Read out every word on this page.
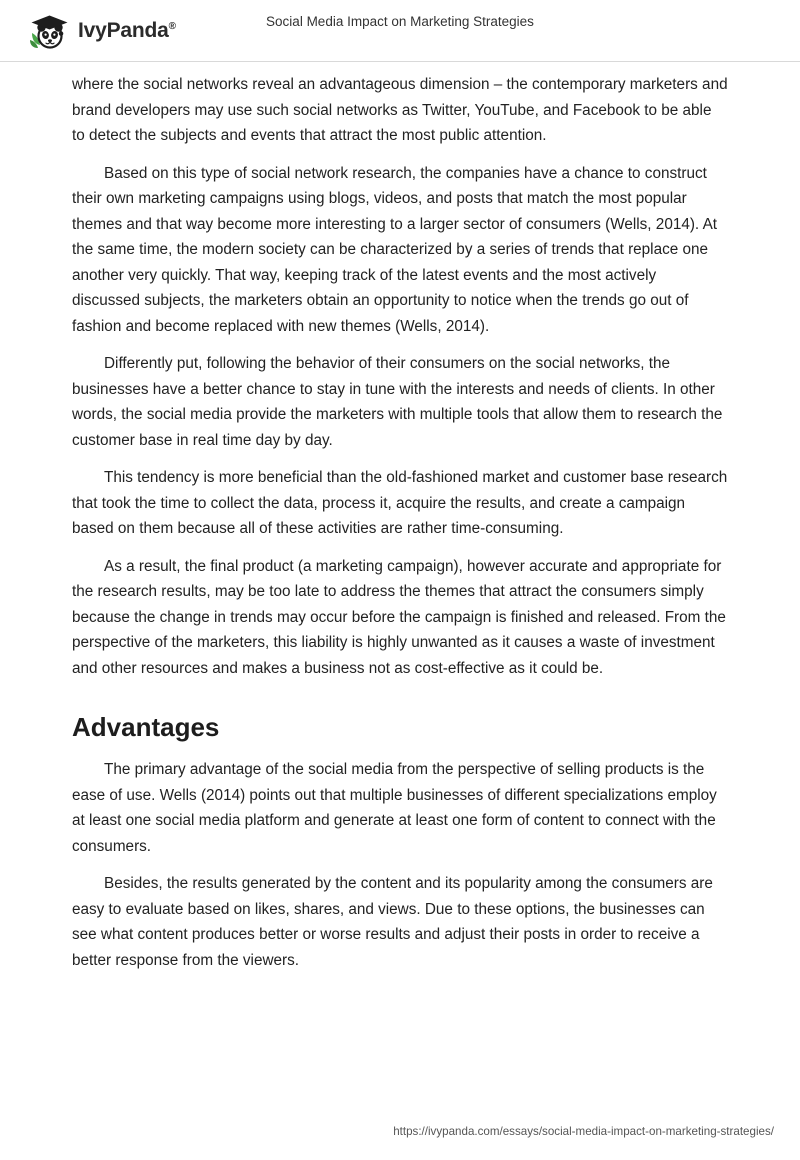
IvyPanda®	Social Media Impact on Marketing Strategies

where the social networks reveal an advantageous dimension – the contemporary marketers and brand developers may use such social networks as Twitter, YouTube, and Facebook to be able to detect the subjects and events that attract the most public attention.

Based on this type of social network research, the companies have a chance to construct their own marketing campaigns using blogs, videos, and posts that match the most popular themes and that way become more interesting to a larger sector of consumers (Wells, 2014). At the same time, the modern society can be characterized by a series of trends that replace one another very quickly. That way, keeping track of the latest events and the most actively discussed subjects, the marketers obtain an opportunity to notice when the trends go out of fashion and become replaced with new themes (Wells, 2014).

Differently put, following the behavior of their consumers on the social networks, the businesses have a better chance to stay in tune with the interests and needs of clients. In other words, the social media provide the marketers with multiple tools that allow them to research the customer base in real time day by day.

This tendency is more beneficial than the old-fashioned market and customer base research that took the time to collect the data, process it, acquire the results, and create a campaign based on them because all of these activities are rather time-consuming.

As a result, the final product (a marketing campaign), however accurate and appropriate for the research results, may be too late to address the themes that attract the consumers simply because the change in trends may occur before the campaign is finished and released. From the perspective of the marketers, this liability is highly unwanted as it causes a waste of investment and other resources and makes a business not as cost-effective as it could be.

Advantages

The primary advantage of the social media from the perspective of selling products is the ease of use. Wells (2014) points out that multiple businesses of different specializations employ at least one social media platform and generate at least one form of content to connect with the consumers.

Besides, the results generated by the content and its popularity among the consumers are easy to evaluate based on likes, shares, and views. Due to these options, the businesses can see what content produces better or worse results and adjust their posts in order to receive a better response from the viewers.

https://ivypanda.com/essays/social-media-impact-on-marketing-strategies/
